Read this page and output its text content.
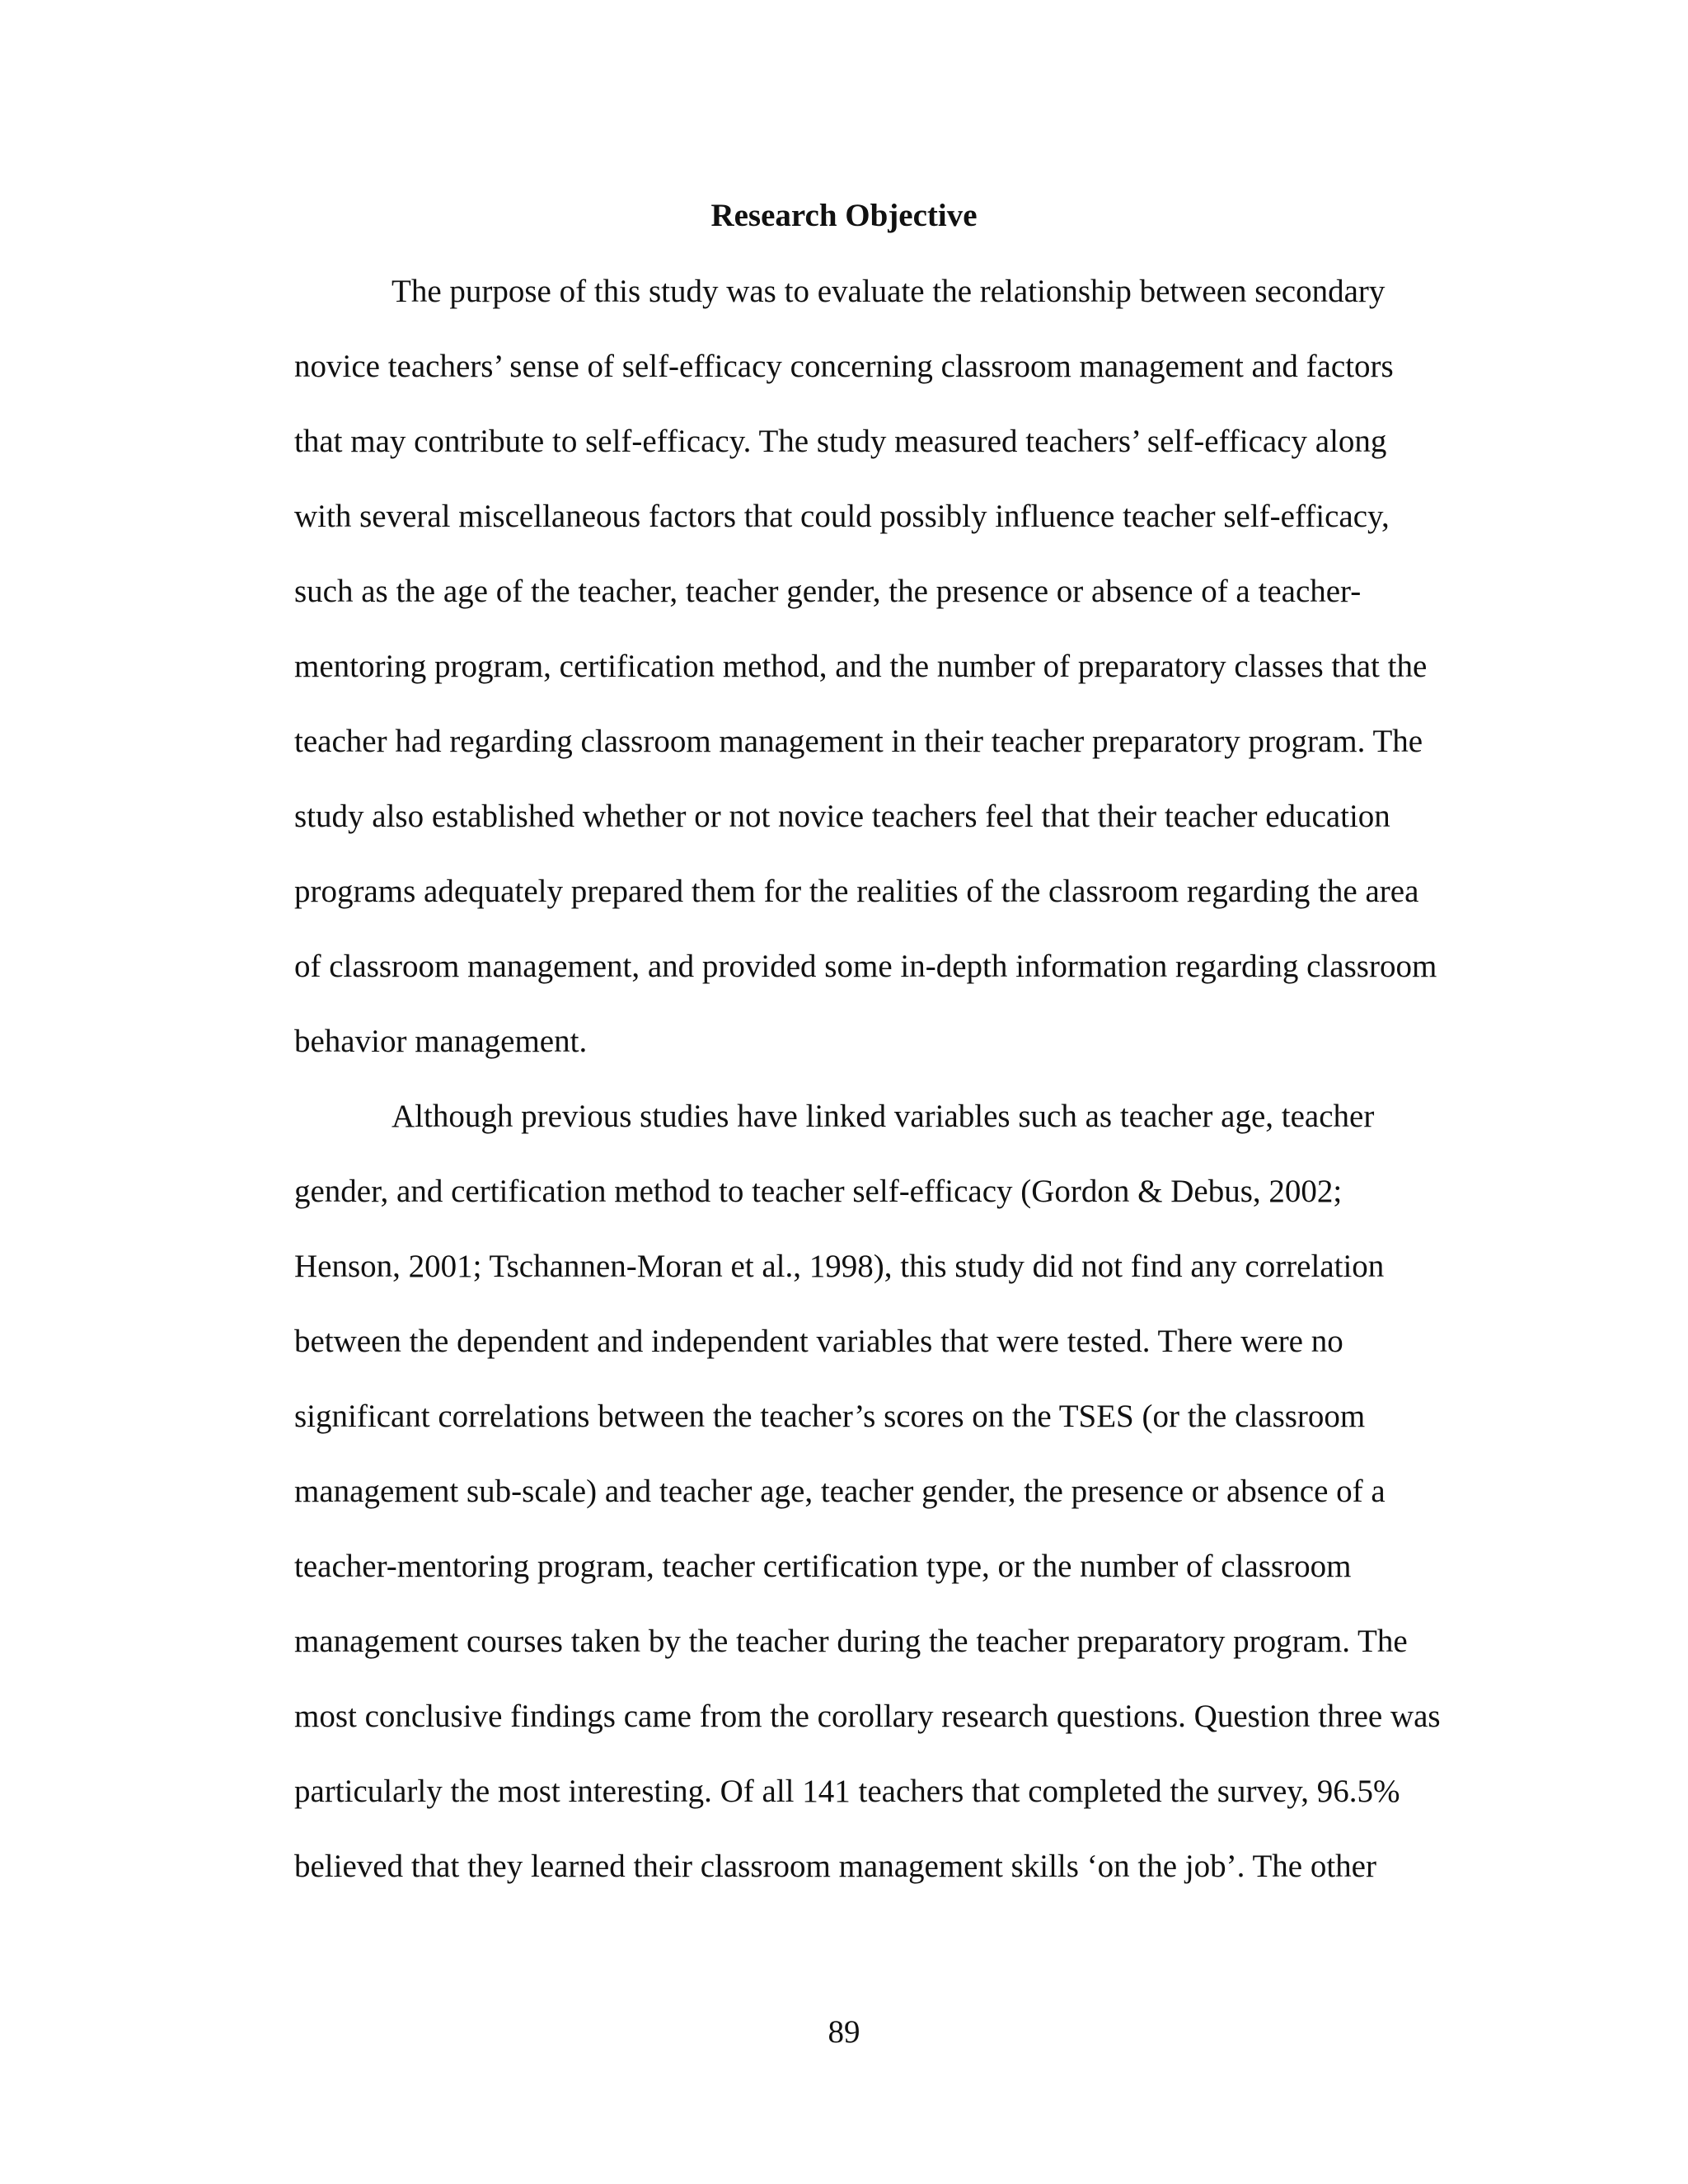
Research Objective

The purpose of this study was to evaluate the relationship between secondary

novice teachers’ sense of self-efficacy concerning classroom management and factors

that may contribute to self-efficacy. The study measured teachers’ self-efficacy along

with several miscellaneous factors that could possibly influence teacher self-efficacy,

such as the age of the teacher, teacher gender, the presence or absence of a teacher-

mentoring program, certification method, and the number of preparatory classes that the

teacher had regarding classroom management in their teacher preparatory program. The

study also established whether or not novice teachers feel that their teacher education

programs adequately prepared them for the realities of the classroom regarding the area

of classroom management, and provided some in-depth information regarding classroom

behavior management.

Although previous studies have linked variables such as teacher age, teacher

gender, and certification method to teacher self-efficacy (Gordon & Debus, 2002;

Henson, 2001; Tschannen-Moran et al., 1998), this study did not find any correlation

between the dependent and independent variables that were tested. There were no

significant correlations between the teacher’s scores on the TSES (or the classroom

management sub-scale) and teacher age, teacher gender, the presence or absence of a

teacher-mentoring program, teacher certification type, or the number of classroom

management courses taken by the teacher during the teacher preparatory program. The

most conclusive findings came from the corollary research questions. Question three was

particularly the most interesting. Of all 141 teachers that completed the survey, 96.5%

believed that they learned their classroom management skills ‘on the job’. The other

89
